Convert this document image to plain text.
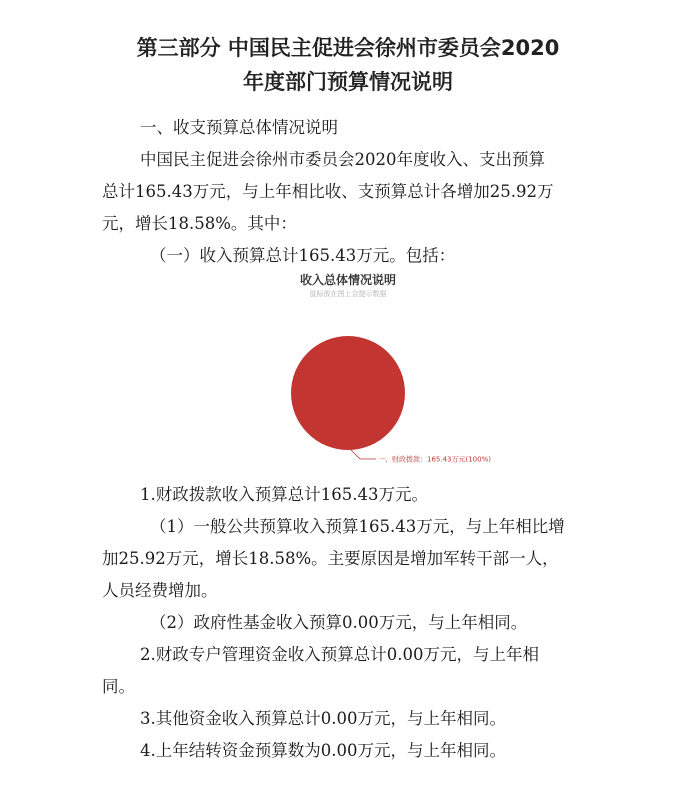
第三部分 中国民主促进会徐州市委员会2020
年度部门预算情况说明
一、收支预算总体情况说明
中国民主促进会徐州市委员会2020年度收入、支出预算
总计165.43万元，与上年相比收、支预算总计各增加25.92万
元，增长18.58%。其中：
（一）收入预算总计165.43万元。包括：
收入总体情况说明
鼠标放在图上会提示数据
一、财政拨款：165.43万元(100%)
1.财政拨款收入预算总计165.43万元。
（1）一般公共预算收入预算165.43万元，与上年相比增
加25.92万元，增长18.58%。主要原因是增加军转干部一人，
人员经费增加。
（2）政府性基金收入预算0.00万元，与上年相同。
2.财政专户管理资金收入预算总计0.00万元，与上年相
同。
3.其他资金收入预算总计0.00万元，与上年相同。
4.上年结转资金预算数为0.00万元，与上年相同。
